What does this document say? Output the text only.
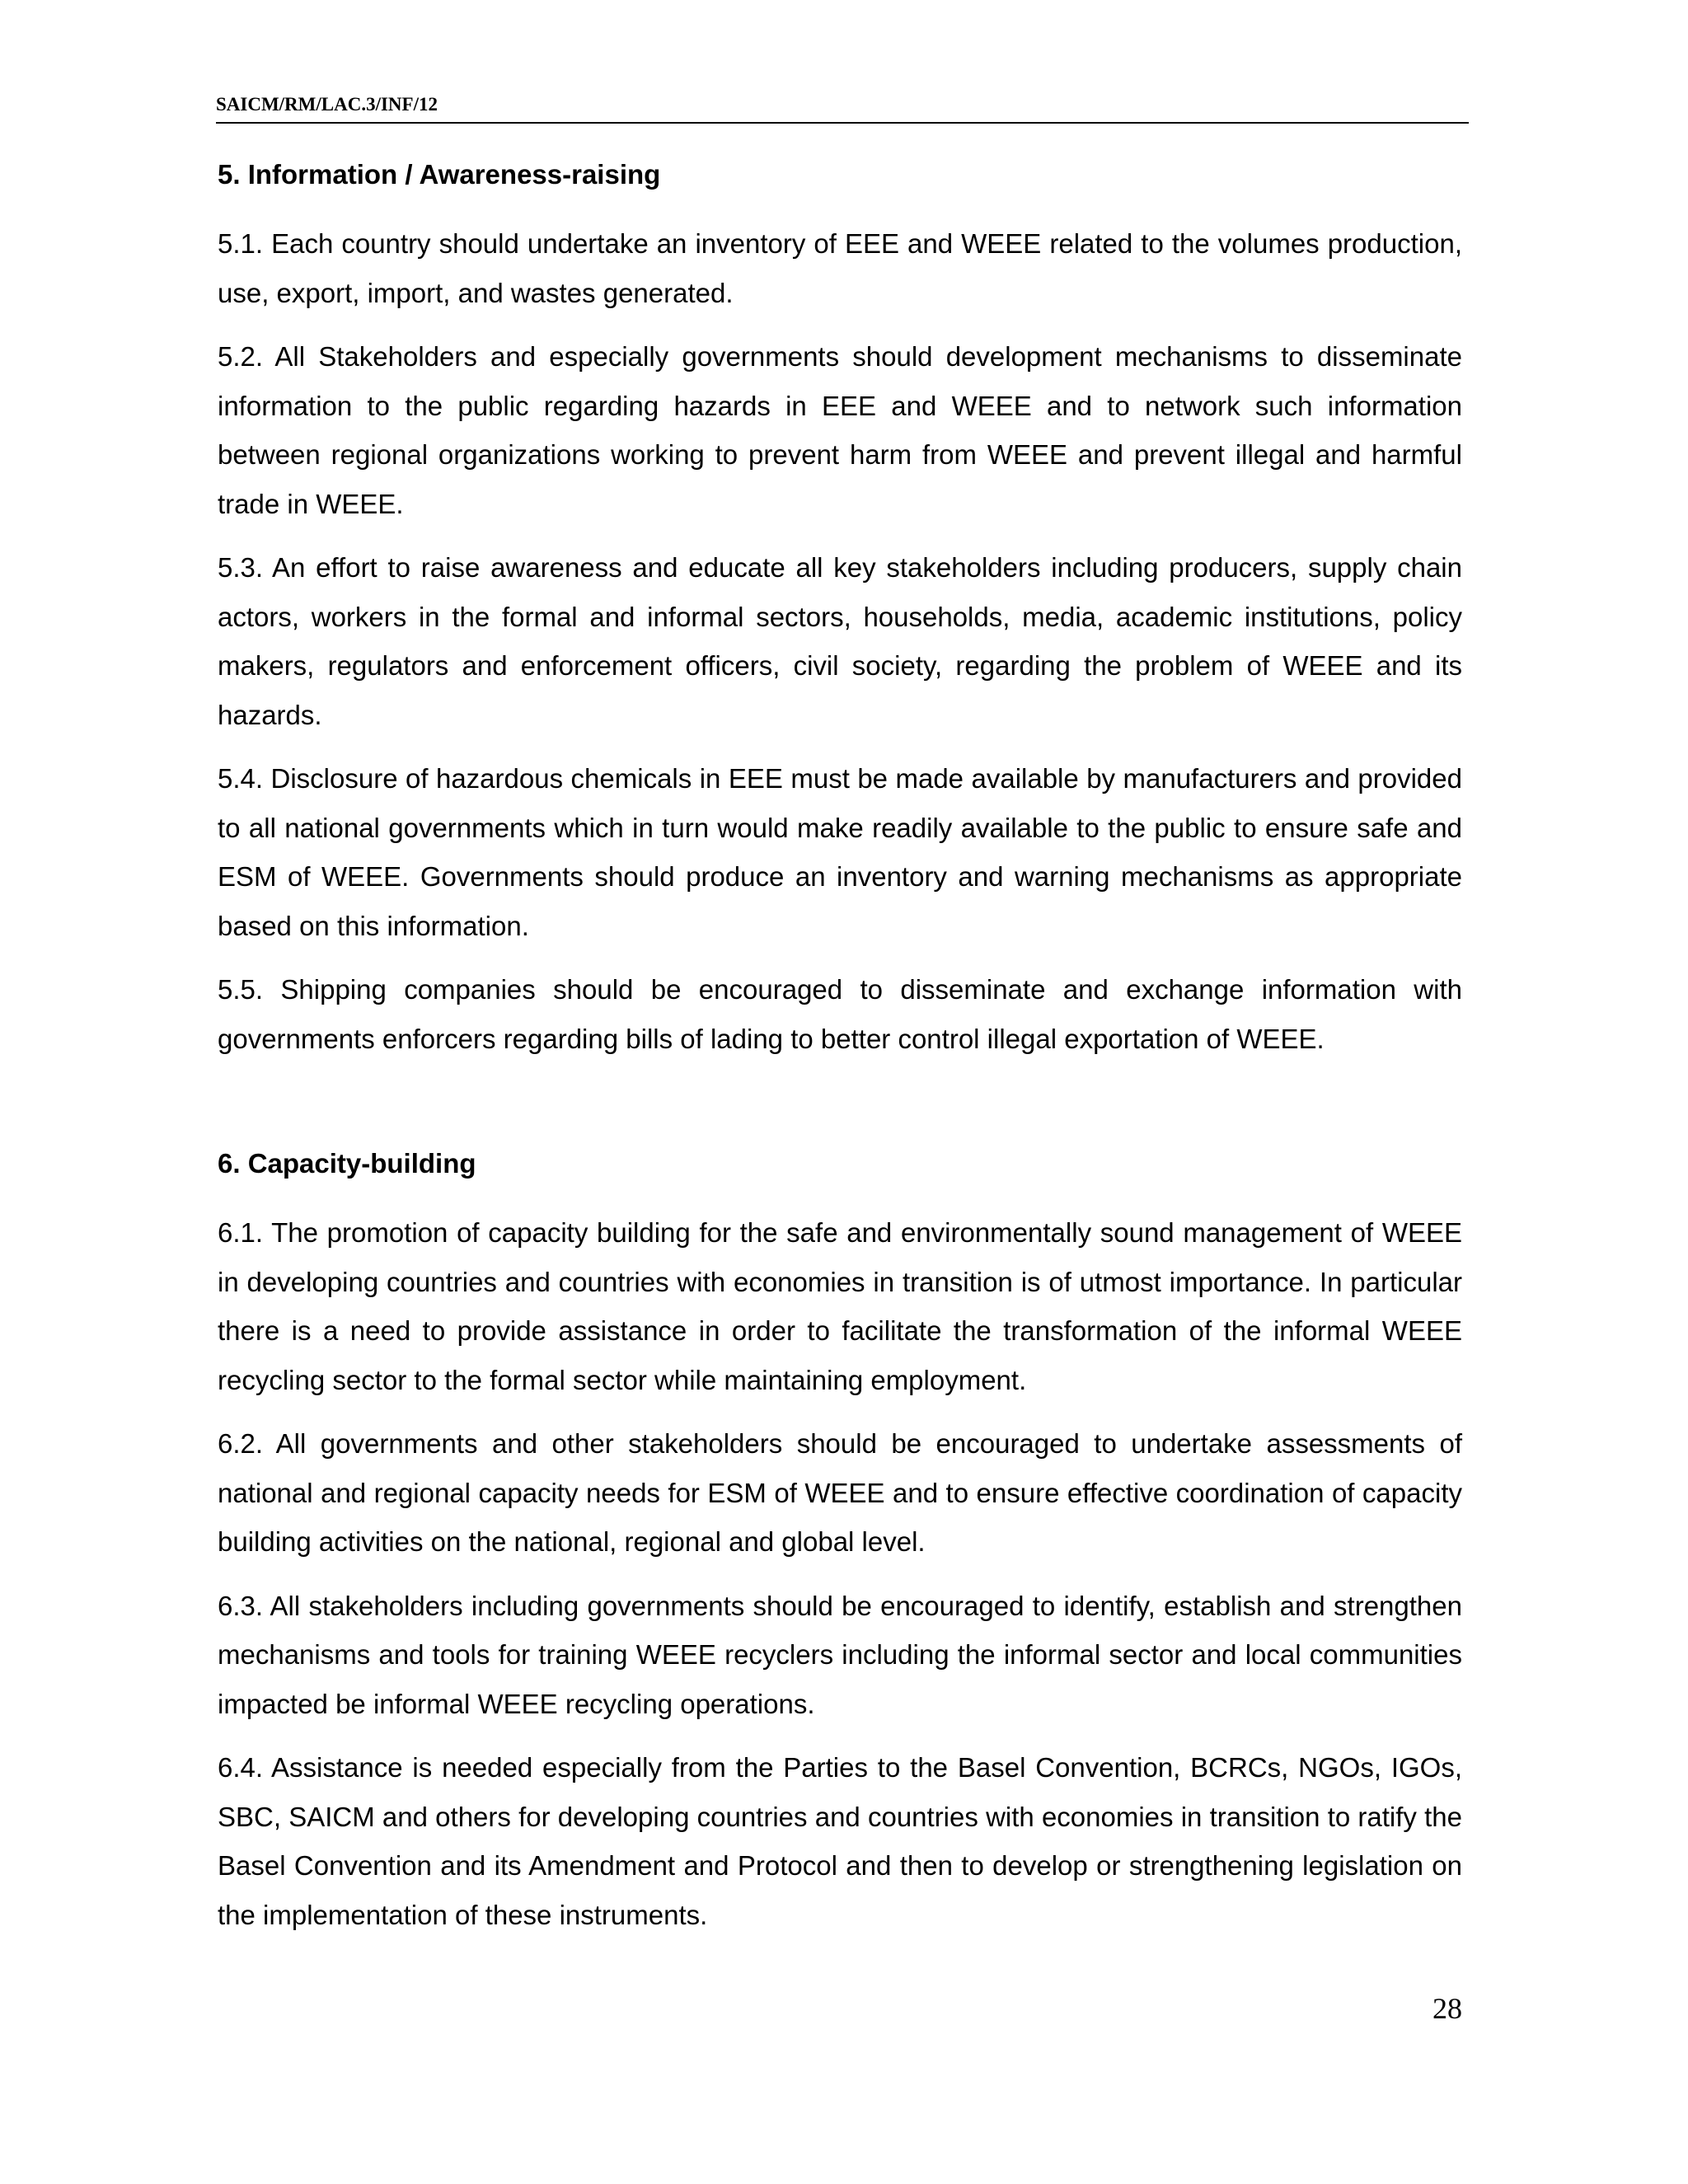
SAICM/RM/LAC.3/INF/12
5. Information / Awareness-raising

5.1. Each country should undertake an inventory of EEE and WEEE related to the volumes production, use, export, import, and wastes generated.

5.2. All Stakeholders and especially governments should development mechanisms to disseminate information to the public regarding hazards in EEE and WEEE and to network such information between regional organizations working to prevent harm from WEEE and prevent illegal and harmful trade in WEEE.

5.3. An effort to raise awareness and educate all key stakeholders including producers, supply chain actors, workers in the formal and informal sectors, households, media, academic institutions, policy makers, regulators and enforcement officers, civil society, regarding the problem of WEEE and its hazards.

5.4. Disclosure of hazardous chemicals in EEE must be made available by manufacturers and provided to all national governments which in turn would make readily available to the public to ensure safe and ESM of WEEE. Governments should produce an inventory and warning mechanisms as appropriate based on this information.

5.5. Shipping companies should be encouraged to disseminate and exchange information with governments enforcers regarding bills of lading to better control illegal exportation of WEEE.

6. Capacity-building

6.1. The promotion of capacity building for the safe and environmentally sound management of WEEE in developing countries and countries with economies in transition is of utmost importance. In particular there is a need to provide assistance in order to facilitate the transformation of the informal WEEE recycling sector to the formal sector while maintaining employment.

6.2. All governments and other stakeholders should be encouraged to undertake assessments of national and regional capacity needs for ESM of WEEE and to ensure effective coordination of capacity building activities on the national, regional and global level.

6.3. All stakeholders including governments should be encouraged to identify, establish and strengthen mechanisms and tools for training WEEE recyclers including the informal sector and local communities impacted be informal WEEE recycling operations.

6.4. Assistance is needed especially from the Parties to the Basel Convention, BCRCs, NGOs, IGOs, SBC, SAICM and others for developing countries and countries with economies in transition to ratify the Basel Convention and its Amendment and Protocol and then to develop or strengthening legislation on the implementation of these instruments.

28
